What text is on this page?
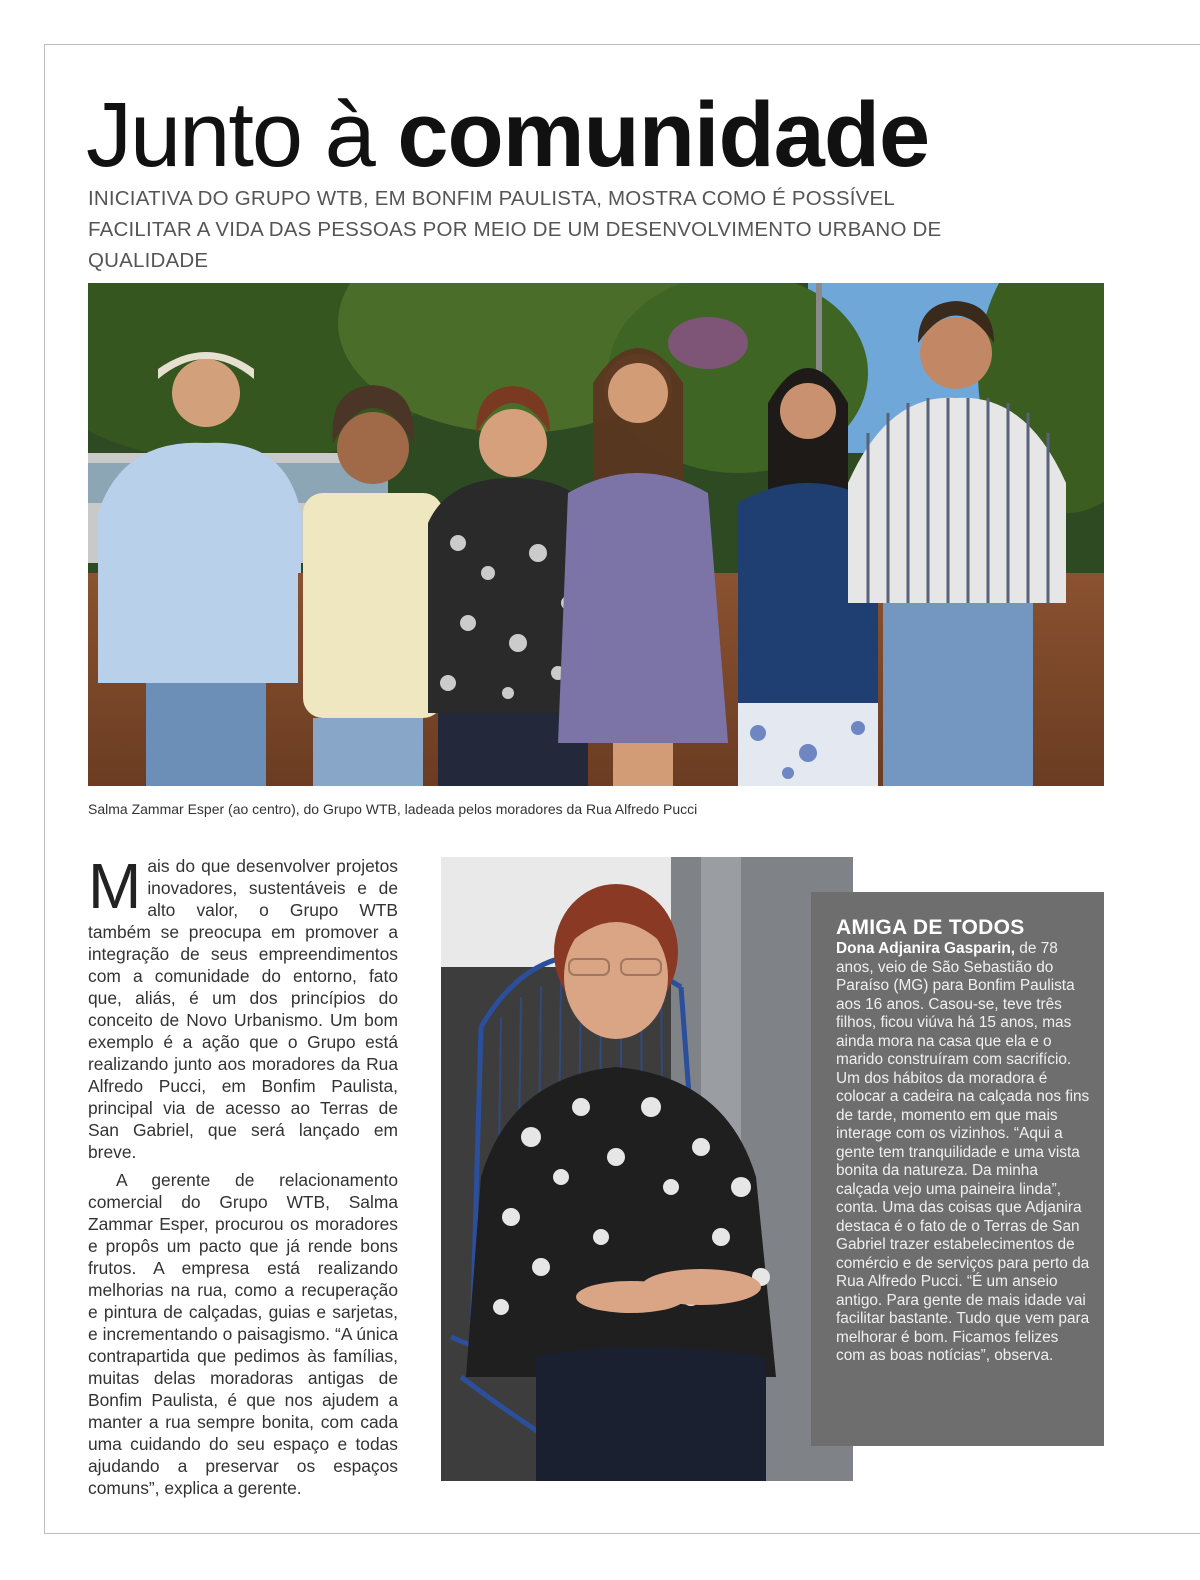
Junto à comunidade

INICIATIVA DO GRUPO WTB, EM BONFIM PAULISTA, MOSTRA COMO É POSSÍVEL FACILITAR A VIDA DAS PESSOAS POR MEIO DE UM DESENVOLVIMENTO URBANO DE QUALIDADE

Salma Zammar Esper (ao centro), do Grupo WTB, ladeada pelos moradores da Rua Alfredo Pucci

Mais do que desenvolver projetos inovadores, sustentáveis e de alto valor, o Grupo WTB também se preocupa em promover a integração de seus empreendimentos com a comunidade do entorno, fato que, aliás, é um dos princípios do conceito de Novo Urbanismo. Um bom exemplo é a ação que o Grupo está realizando junto aos moradores da Rua Alfredo Pucci, em Bonfim Paulista, principal via de acesso ao Terras de San Gabriel, que será lançado em breve.

A gerente de relacionamento comercial do Grupo WTB, Salma Zammar Esper, procurou os moradores e propôs um pacto que já rende bons frutos. A empresa está realizando melhorias na rua, como a recuperação e pintura de calçadas, guias e sarjetas, e incrementando o paisagismo. “A única contrapartida que pedimos às famílias, muitas delas moradoras antigas de Bonfim Paulista, é que nos ajudem a manter a rua sempre bonita, com cada uma cuidando do seu espaço e todas ajudando a preservar os espaços comuns”, explica a gerente.

AMIGA DE TODOS

Dona Adjanira Gasparin, de 78 anos, veio de São Sebastião do Paraíso (MG) para Bonfim Paulista aos 16 anos. Casou-se, teve três filhos, ficou viúva há 15 anos, mas ainda mora na casa que ela e o marido construíram com sacrifício. Um dos hábitos da moradora é colocar a cadeira na calçada nos fins de tarde, momento em que mais interage com os vizinhos. “Aqui a gente tem tranquilidade e uma vista bonita da natureza. Da minha calçada vejo uma paineira linda”, conta. Uma das coisas que Adjanira destaca é o fato de o Terras de San Gabriel trazer estabelecimentos de comércio e de serviços para perto da Rua Alfredo Pucci. “É um anseio antigo. Para gente de mais idade vai facilitar bastante. Tudo que vem para melhorar é bom. Ficamos felizes com as boas notícias”, observa.
